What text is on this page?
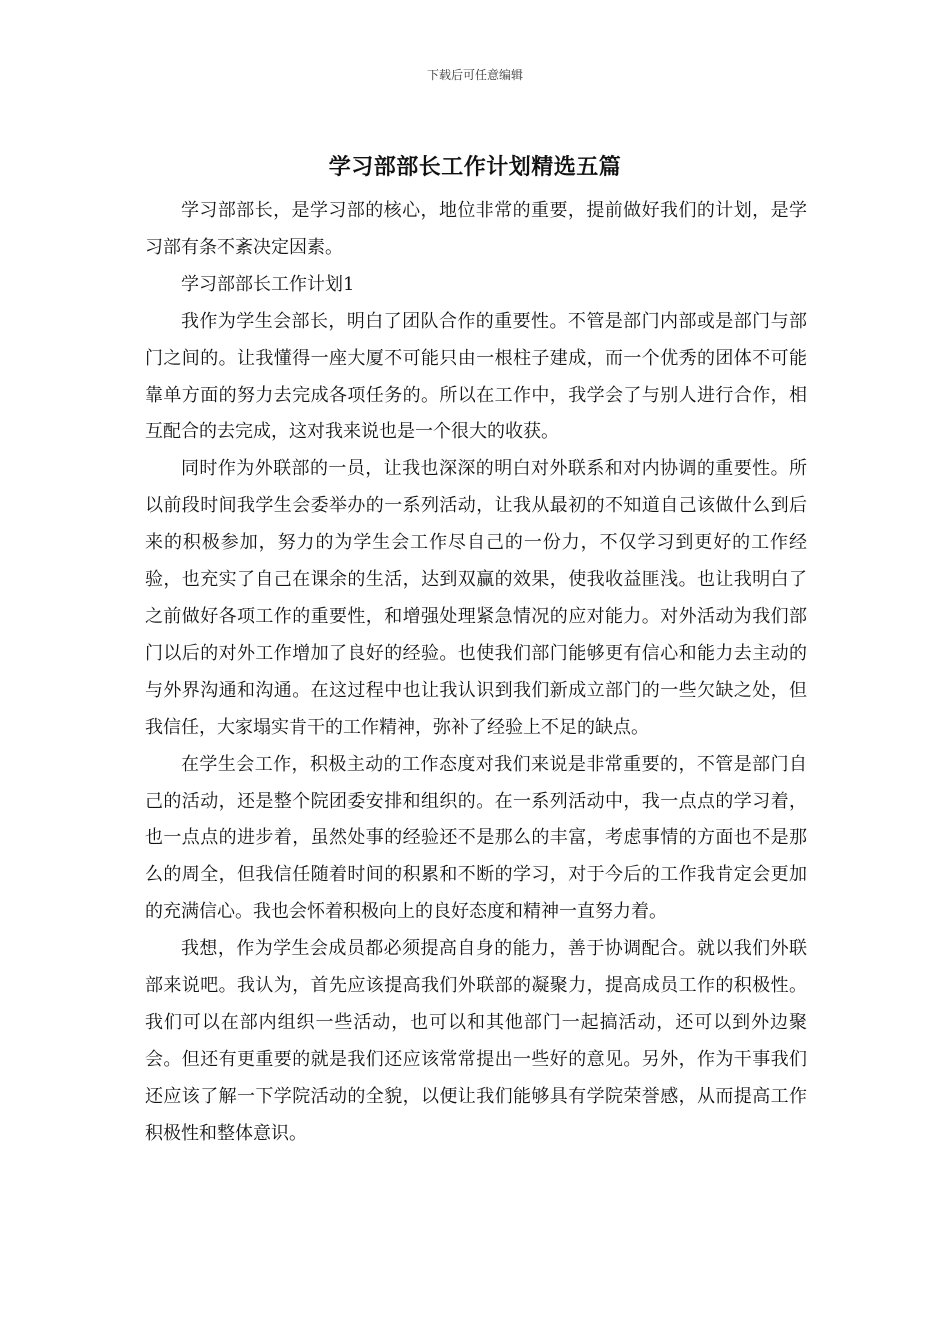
下载后可任意编辑
学习部部长工作计划精选五篇

学习部部长，是学习部的核心，地位非常的重要，提前做好我们的计划，是学习部有条不紊决定因素。

学习部部长工作计划1

我作为学生会部长，明白了团队合作的重要性。不管是部门内部或是部门与部门之间的。让我懂得一座大厦不可能只由一根柱子建成，而一个优秀的团体不可能靠单方面的努力去完成各项任务的。所以在工作中，我学会了与别人进行合作，相互配合的去完成，这对我来说也是一个很大的收获。

同时作为外联部的一员，让我也深深的明白对外联系和对内协调的重要性。所以前段时间我学生会委举办的一系列活动，让我从最初的不知道自己该做什么到后来的积极参加，努力的为学生会工作尽自己的一份力，不仅学习到更好的工作经验，也充实了自己在课余的生活，达到双赢的效果，使我收益匪浅。也让我明白了之前做好各项工作的重要性，和增强处理紧急情况的应对能力。对外活动为我们部门以后的对外工作增加了良好的经验。也使我们部门能够更有信心和能力去主动的与外界沟通和沟通。在这过程中也让我认识到我们新成立部门的一些欠缺之处，但我信任，大家塌实肯干的工作精神，弥补了经验上不足的缺点。

在学生会工作，积极主动的工作态度对我们来说是非常重要的，不管是部门自己的活动，还是整个院团委安排和组织的。在一系列活动中，我一点点的学习着，也一点点的进步着，虽然处事的经验还不是那么的丰富，考虑事情的方面也不是那么的周全，但我信任随着时间的积累和不断的学习，对于今后的工作我肯定会更加的充满信心。我也会怀着积极向上的良好态度和精神一直努力着。

我想，作为学生会成员都必须提高自身的能力，善于协调配合。就以我们外联部来说吧。我认为，首先应该提高我们外联部的凝聚力，提高成员工作的积极性。我们可以在部内组织一些活动，也可以和其他部门一起搞活动，还可以到外边聚会。但还有更重要的就是我们还应该常常提出一些好的意见。另外，作为干事我们还应该了解一下学院活动的全貌，以便让我们能够具有学院荣誉感，从而提高工作积极性和整体意识。
